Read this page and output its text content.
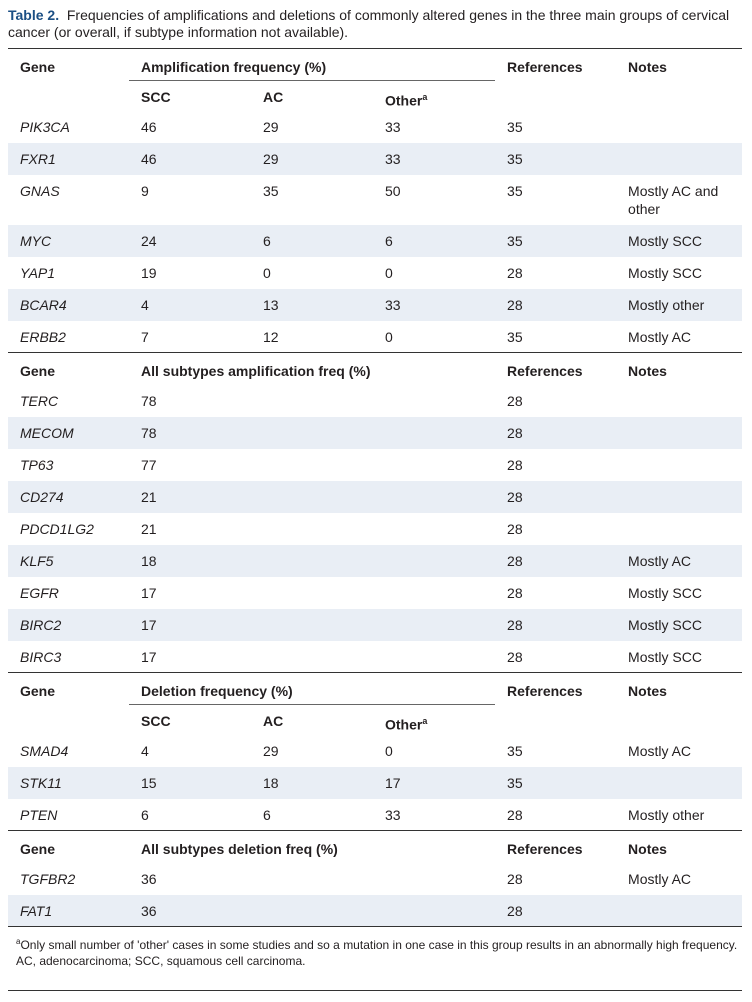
Table 2. Frequencies of amplifications and deletions of commonly altered genes in the three main groups of cervical cancer (or overall, if subtype information not available).
Gene	Amplification frequency (%)			References	Notes
	SCC	AC	Other$^a$		
PIK3CA	46	29	33	35	
FXR1	46	29	33	35	
GNAS	9	35	50	35	Mostly AC and other
MYC	24	6	6	35	Mostly SCC
YAP1	19	0	0	28	Mostly SCC
BCAR4	4	13	33	28	Mostly other
ERBB2	7	12	0	35	Mostly AC
Gene	All subtypes amplification freq (%)			References	Notes
TERC	78			28	
MECOM	78			28	
TP63	77			28	
CD274	21			28	
PDCD1LG2	21			28	
KLF5	18			28	Mostly AC
EGFR	17			28	Mostly SCC
BIRC2	17			28	Mostly SCC
BIRC3	17			28	Mostly SCC
Gene	Deletion frequency (%)			References	Notes
	SCC	AC	Other$^a$		
SMAD4	4	29	0	35	Mostly AC
STK11	15	18	17	35	
PTEN	6	6	33	28	Mostly other
Gene	All subtypes deletion freq (%)			References	Notes
TGFBR2	36			28	Mostly AC
FAT1	36			28	
$^a$Only small number of 'other' cases in some studies and so a mutation in one case in this group results in an abnormally high frequency.
AC, adenocarcinoma; SCC, squamous cell carcinoma.
